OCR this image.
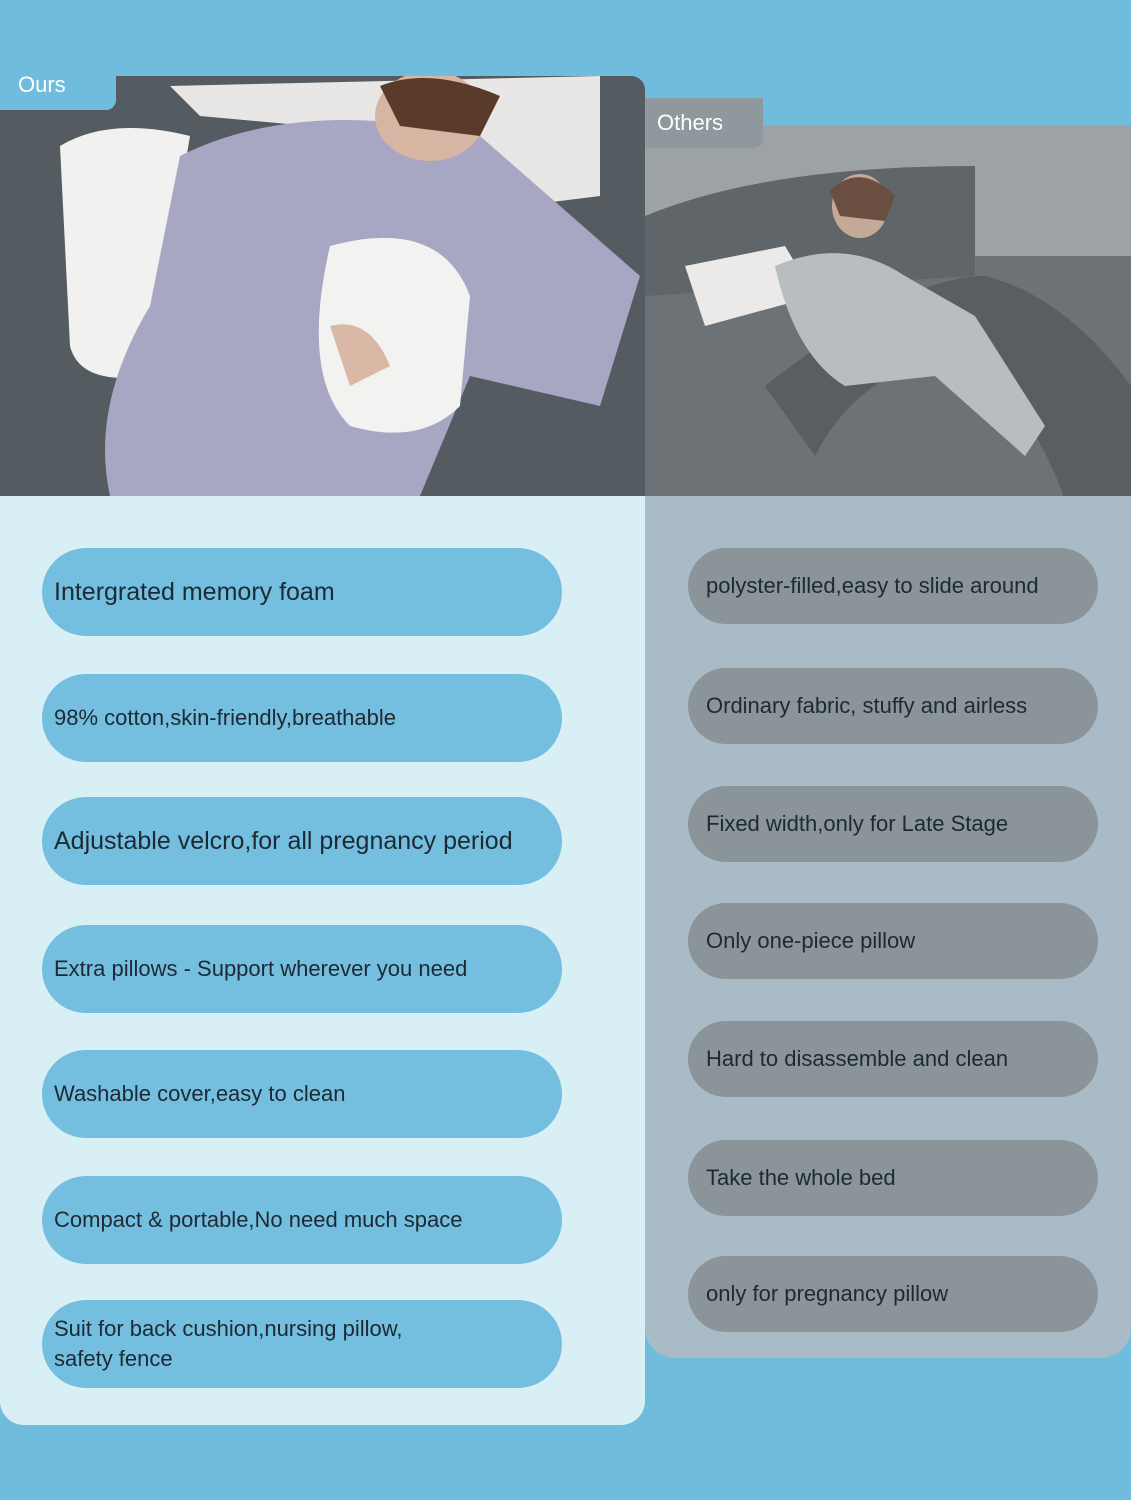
Ours
Others
Intergrated memory foam
98% cotton,skin-friendly,breathable
Adjustable velcro,for all pregnancy period
Extra pillows - Support wherever you need
Washable cover,easy to clean
Compact & portable,No need much space
Suit for back cushion,nursing pillow, safety fence
polyster-filled,easy to slide around
Ordinary fabric, stuffy and airless
Fixed width,only for Late Stage
Only one-piece pillow
Hard to disassemble and clean
Take the whole bed
only for pregnancy pillow
